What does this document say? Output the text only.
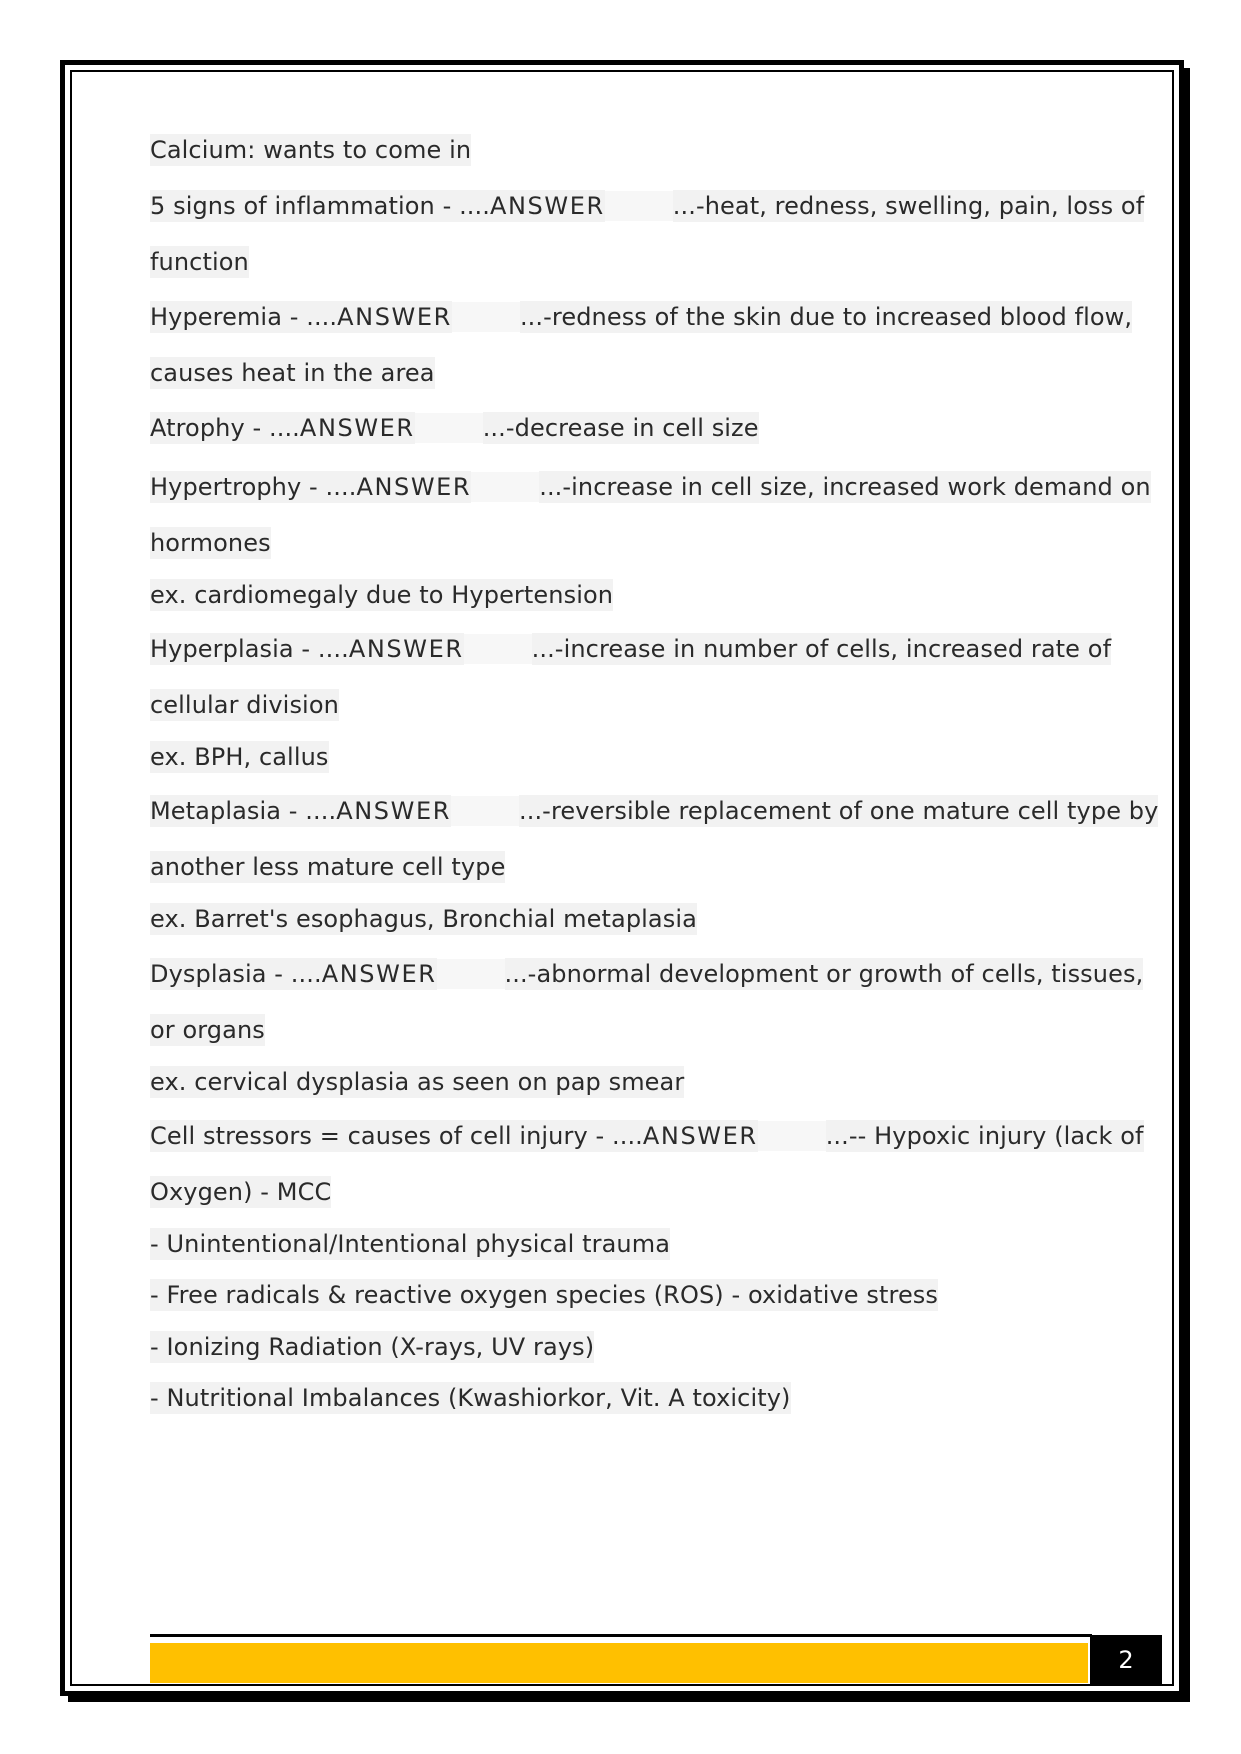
Calcium: wants to come in
5 signs of inflammation - ....ANSWER	...-heat, redness, swelling, pain, loss of
function
Hyperemia - ....ANSWER	...-redness of the skin due to increased blood flow,
causes heat in the area
Atrophy - ....ANSWER	...-decrease in cell size
Hypertrophy - ....ANSWER	...-increase in cell size, increased work demand on
hormones
ex. cardiomegaly due to Hypertension
Hyperplasia - ....ANSWER	...-increase in number of cells, increased rate of
cellular division
ex. BPH, callus
Metaplasia - ....ANSWER	...-reversible replacement of one mature cell type by
another less mature cell type
ex. Barret's esophagus, Bronchial metaplasia
Dysplasia - ....ANSWER	...-abnormal development or growth of cells, tissues,
or organs
ex. cervical dysplasia as seen on pap smear
Cell stressors = causes of cell injury - ....ANSWER	...-- Hypoxic injury (lack of
Oxygen) - MCC
- Unintentional/Intentional physical trauma
- Free radicals & reactive oxygen species (ROS) - oxidative stress
- Ionizing Radiation (X-rays, UV rays)
- Nutritional Imbalances (Kwashiorkor, Vit. A toxicity)
2
